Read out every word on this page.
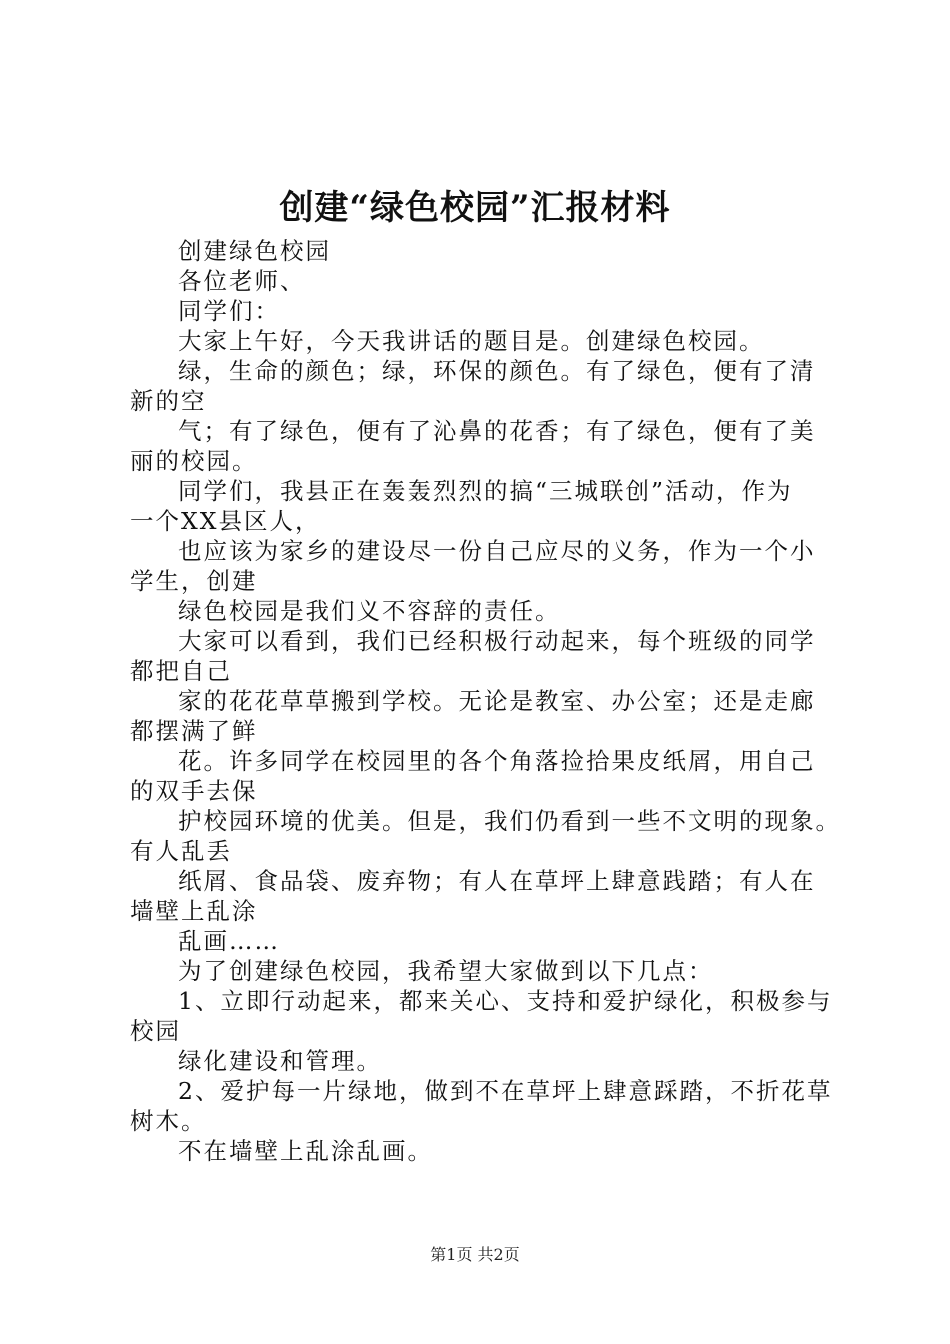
创建“绿色校园”汇报材料

创建绿色校园

各位老师、

同学们：

大家上午好，今天我讲话的题目是。创建绿色校园。

绿，生命的颜色；绿，环保的颜色。有了绿色，便有了清
新的空

气；有了绿色，便有了沁鼻的花香；有了绿色，便有了美
丽的校园。

同学们，我县正在轰轰烈烈的搞“三城联创”活动，作为
一个XX县区人，

也应该为家乡的建设尽一份自己应尽的义务，作为一个小
学生，创建

绿色校园是我们义不容辞的责任。

大家可以看到，我们已经积极行动起来，每个班级的同学
都把自己

家的花花草草搬到学校。无论是教室、办公室；还是走廊
都摆满了鲜

花。许多同学在校园里的各个角落捡拾果皮纸屑，用自己
的双手去保

护校园环境的优美。但是，我们仍看到一些不文明的现象。
有人乱丢

纸屑、食品袋、废弃物；有人在草坪上肆意践踏；有人在
墙壁上乱涂

乱画……

为了创建绿色校园，我希望大家做到以下几点：

1、立即行动起来，都来关心、支持和爱护绿化，积极参与
校园

绿化建设和管理。

2、爱护每一片绿地，做到不在草坪上肆意踩踏，不折花草
树木。

不在墙壁上乱涂乱画。

第1页 共2页
